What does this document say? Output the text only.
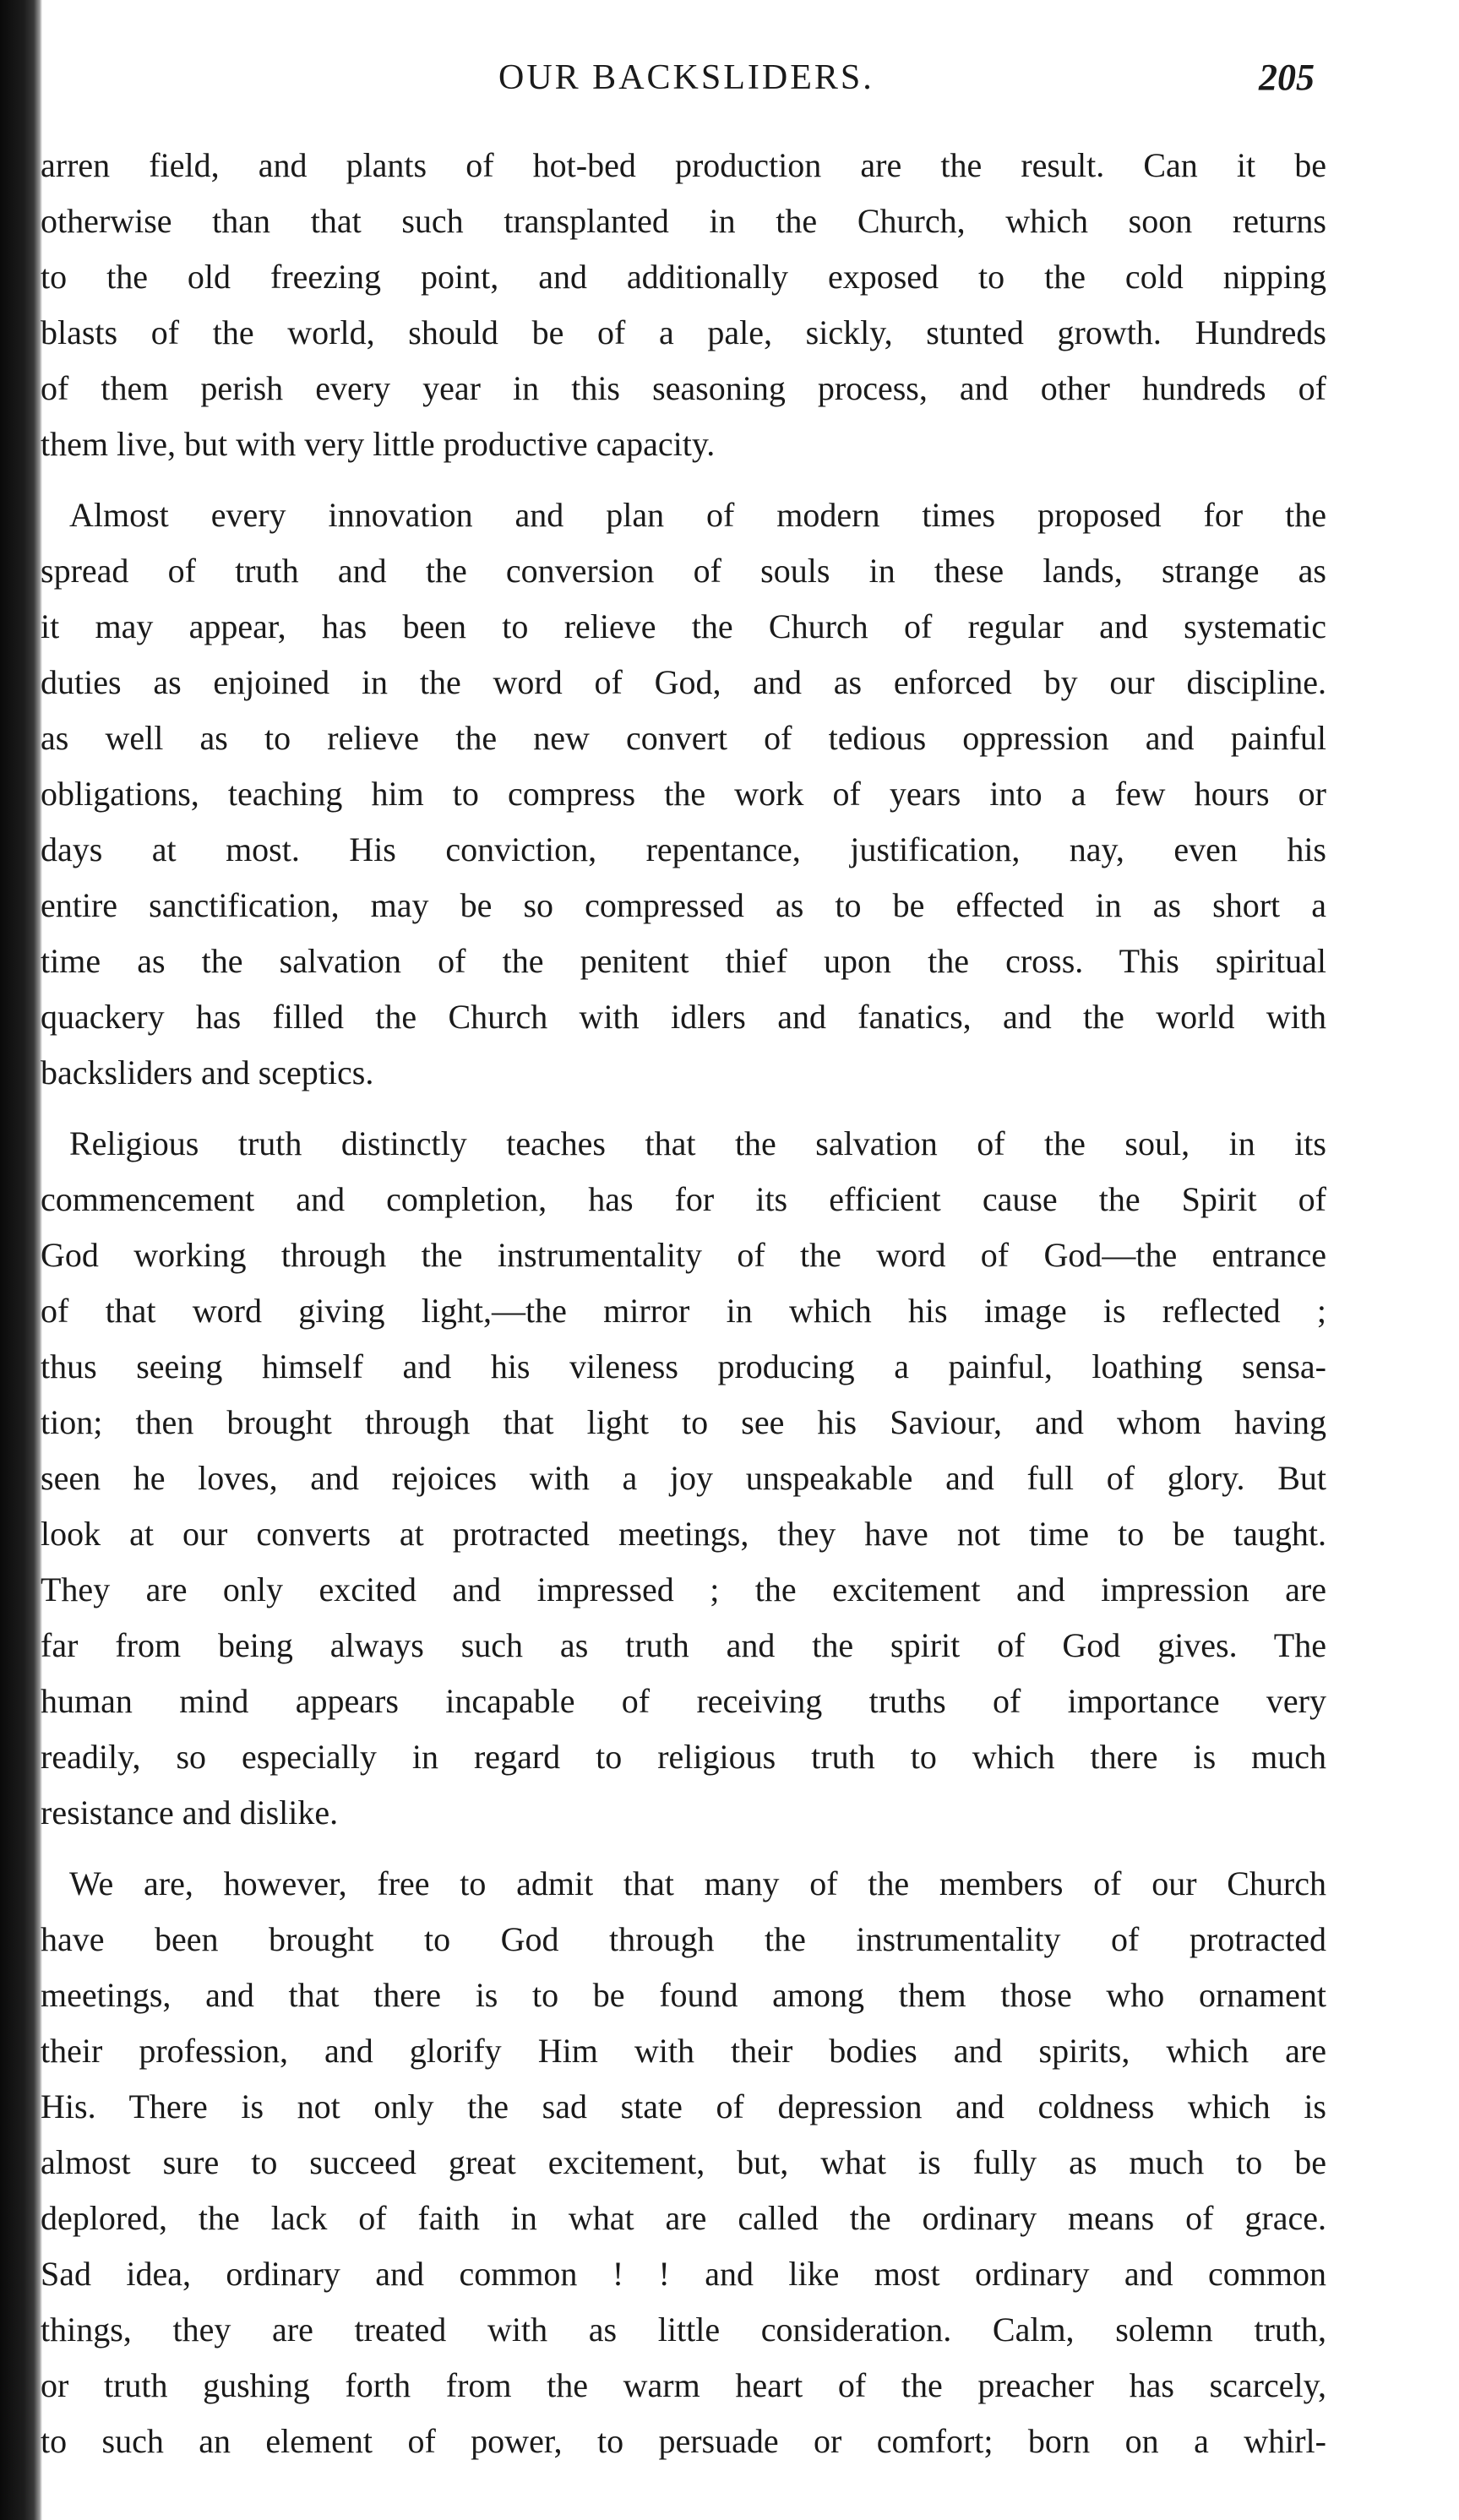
OUR BACKSLIDERS.	205
arren field, and plants of hot-bed production are the result. Can it be
otherwise than that such transplanted in the Church, which soon returns
to the old freezing point, and additionally exposed to the cold nipping
blasts of the world, should be of a pale, sickly, stunted growth. Hundreds
of them perish every year in this seasoning process, and other hundreds of
them live, but with very little productive capacity.
Almost every innovation and plan of modern times proposed for the
spread of truth and the conversion of souls in these lands, strange as
it may appear, has been to relieve the Church of regular and systematic
duties as enjoined in the word of God, and as enforced by our discipline.
as well as to relieve the new convert of tedious oppression and painful
obligations, teaching him to compress the work of years into a few hours or
days at most. His conviction, repentance, justification, nay, even his
entire sanctification, may be so compressed as to be effected in as short a
time as the salvation of the penitent thief upon the cross. This spiritual
quackery has filled the Church with idlers and fanatics, and the world with
backsliders and sceptics.
Religious truth distinctly teaches that the salvation of the soul, in its
commencement and completion, has for its efficient cause the Spirit of
God working through the instrumentality of the word of God—the entrance
of that word giving light,—the mirror in which his image is reflected ;
thus seeing himself and his vileness producing a painful, loathing sensa-
tion; then brought through that light to see his Saviour, and whom having
seen he loves, and rejoices with a joy unspeakable and full of glory. But
look at our converts at protracted meetings, they have not time to be taught.
They are only excited and impressed ; the excitement and impression are
far from being always such as truth and the spirit of God gives. The
human mind appears incapable of receiving truths of importance very
readily, so especially in regard to religious truth to which there is much
resistance and dislike.
We are, however, free to admit that many of the members of our Church
have been brought to God through the instrumentality of protracted
meetings, and that there is to be found among them those who ornament
their profession, and glorify Him with their bodies and spirits, which are
His. There is not only the sad state of depression and coldness which is
almost sure to succeed great excitement, but, what is fully as much to be
deplored, the lack of faith in what are called the ordinary means of grace.
Sad idea, ordinary and common ! ! and like most ordinary and common
things, they are treated with as little consideration. Calm, solemn truth,
or truth gushing forth from the warm heart of the preacher has scarcely,
to such an element of power, to persuade or comfort; born on a whirl-
